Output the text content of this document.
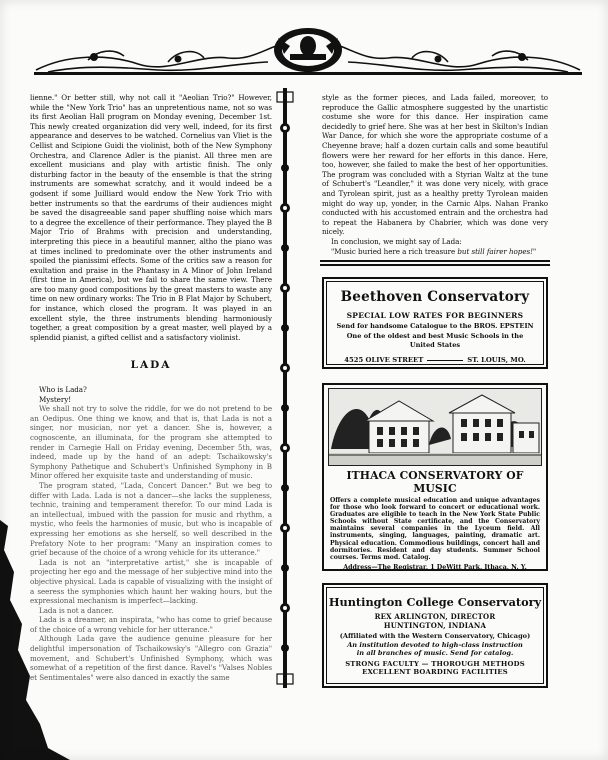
lienne." Or better still, why not call it "Aeolian Trio?" However, while the "New York Trio" has an unpretentious name, not so was its first Aeolian Hall program on Monday evening, December 1st. This newly created organization did very well, indeed, for its first appearance and deserves to be watched. Cornelius van Vliet is the Cellist and Scipione Guidi the violinist, both of the New Symphony Orchestra, and Clarence Adler is the pianist. All three men are excellent musicians and play with artistic finish. The only disturbing factor in the beauty of the ensemble is that the string instruments are somewhat scratchy, and it would indeed be a godsent if some Juilliard would endow the New York Trio with better instruments so that the eardrums of their audiences might be saved the disagreeable sand paper shuffling noise which mars to a degree the excellence of their performance. They played the B Major Trio of Brahms with precision and understanding, interpreting this piece in a beautiful manner, altho the piano was at times inclined to predominate over the other instruments and spoiled the pianissimi effects. Some of the critics saw a reason for exultation and praise in the Phantasy in A Minor of John Ireland (first time in America), but we fail to share the same view. There are too many good compositions by the great masters to waste any time on new ordinary works: The Trio in B Flat Major by Schubert, for instance, which closed the program. It was played in an excellent style, the three instruments blending harmoniously together, a great composition by a great master, well played by a splendid pianist, a gifted cellist and a satisfactory violinist.

LADA

Who is Lada?

Mystery!

We shall not try to solve the riddle, for we do not pretend to be an Oedipus. One thing we know, and that is, that Lada is not a singer, nor musician, nor yet a dancer. She is, however, a cognoscente, an illuminata, for the program she attempted to render in Carnegie Hall on Friday evening, December 5th, was, indeed, made up by the hand of an adept: Tschaikowsky's Symphony Pathetique and Schubert's Unfinished Symphony in B Minor offered her exquisite taste and understanding of music.

The program stated, "Lada, Concert Dancer." But we beg to differ with Lada. Lada is not a dancer—she lacks the suppleness, technic, training and temperament therefor. To our mind Lada is an intellectual, imbued with the passion for music and rhythm, a mystic, who feels the harmonies of music, but who is incapable of expressing her emotions as she herself, so well described in the Prefatory Note to her program: "Many an inspiration comes to grief because of the choice of a wrong vehicle for its utterance."

Lada is not an "interpretative artist," she is incapable of projecting her ego and the message of her subjective mind into the objective physical. Lada is capable of visualizing with the insight of a seeress the symphonies which haunt her waking hours, but the expressional mechanism is imperfect—lacking.

Lada is not a dancer.

Lada is a dreamer, an inspirata, "who has come to grief because of the choice of a wrong vehicle for her utterance."

Although Lada gave the audience genuine pleasure for her delightful impersonation of Tschaikowsky's "Allegro con Grazia" movement, and Schubert's Unfinished Symphony, which was somewhat of a repetition of the first dance. Ravel's "Valses Nobles et Sentimentales" were also danced in exactly the same

style as the former pieces, and Lada failed, moreover, to reproduce the Gallic atmosphere suggested by the unartistic costume she wore for this dance. Her inspiration came decidedly to grief here. She was at her best in Skilton's Indian War Dance, for which she wore the appropriate costume of a Cheyenne brave; half a dozen curtain calls and some beautiful flowers were her reward for her efforts in this dance. Here, too, however, she failed to make the best of her opportunities. The program was concluded with a Styrian Waltz at the tune of Schubert's "Leandler," it was done very nicely, with grace and Tyrolean spirit, just as a healthy pretty Tyrolean maiden might do way up, yonder, in the Carnic Alps. Nahan Franko conducted with his accustomed entrain and the orchestra had to repeat the Habanera by Chabrier, which was done very nicely.

In conclusion, we might say of Lada:

"Music buried here a rich treasure but still fairer hopes!"

Beethoven Conservatory
SPECIAL LOW RATES FOR BEGINNERS
Send for handsome Catalogue to the BROS. EPSTEIN
One of the oldest and best Music Schools in the
United States
4525 OLIVE STREET	ST. LOUIS, MO.
ITHACA CONSERVATORY OF MUSIC
Offers a complete musical education and unique advantages for those who look forward to concert or educational work. Graduates are eligible to teach in the New York State Public Schools without State certificate, and the Conservatory maintains several companies in the Lyceum field. All instruments, singing, languages, painting, dramatic art. Physical education. Commodious buildings, concert hall and dormitories. Resident and day students. Summer School courses. Terms mod. Catalog.
Address—The Registrar, 1 DeWitt Park, Ithaca, N. Y.
Huntington College Conservatory
REX ARLINGTON, DIRECTOR
HUNTINGTON, INDIANA
(Affiliated with the Western Conservatory, Chicago)
An institution devoted to high-class instruction
in all branches of music. Send for catalog.
STRONG FACULTY — THOROUGH METHODS
EXCELLENT BOARDING FACILITIES
